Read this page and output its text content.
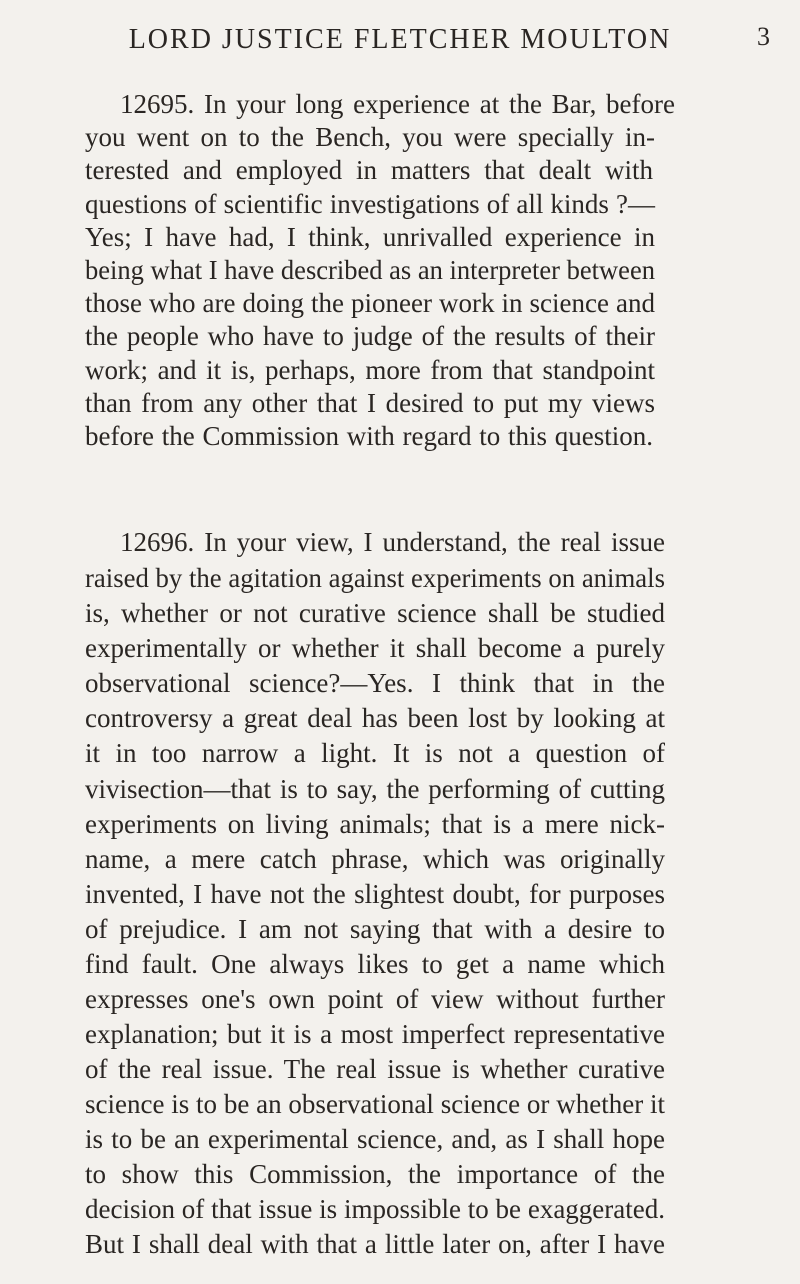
LORD JUSTICE FLETCHER MOULTON	3
12695. In your long experience at the Bar, before
you went on to the Bench, you were specially in-
terested and employed in matters that dealt with
questions of scientific investigations of all kinds ?—
Yes; I have had, I think, unrivalled experience in
being what I have described as an interpreter between
those who are doing the pioneer work in science and
the people who have to judge of the results of their
work; and it is, perhaps, more from that standpoint
than from any other that I desired to put my views
before the Commission with regard to this question.
12696. In your view, I understand, the real issue
raised by the agitation against experiments on animals
is, whether or not curative science shall be studied
experimentally or whether it shall become a purely
observational science?—Yes. I think that in the
controversy a great deal has been lost by looking at
it in too narrow a light. It is not a question of
vivisection—that is to say, the performing of cutting
experiments on living animals; that is a mere nick-
name, a mere catch phrase, which was originally
invented, I have not the slightest doubt, for purposes
of prejudice. I am not saying that with a desire to
find fault. One always likes to get a name which
expresses one's own point of view without further
explanation; but it is a most imperfect representative
of the real issue. The real issue is whether curative
science is to be an observational science or whether it
is to be an experimental science, and, as I shall hope
to show this Commission, the importance of the
decision of that issue is impossible to be exaggerated.
But I shall deal with that a little later on, after I have
